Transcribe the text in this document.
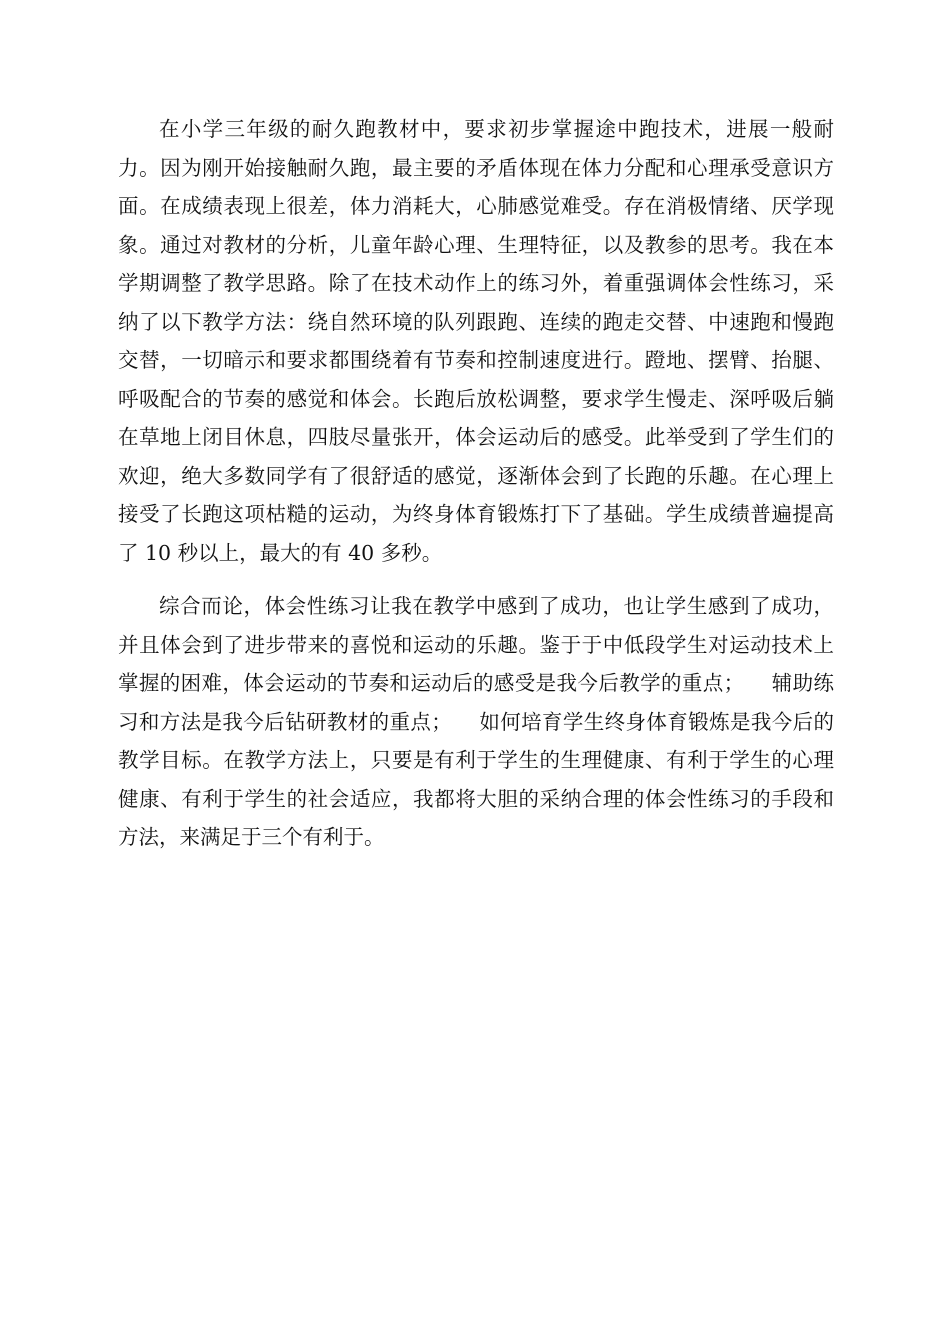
在小学三年级的耐久跑教材中，要求初步掌握途中跑技术，进展一般耐力。因为刚开始接触耐久跑，最主要的矛盾体现在体力分配和心理承受意识方面。在成绩表现上很差，体力消耗大，心肺感觉难受。存在消极情绪、厌学现象。通过对教材的分析，儿童年龄心理、生理特征，以及教参的思考。我在本学期调整了教学思路。除了在技术动作上的练习外，着重强调体会性练习，采纳了以下教学方法：绕自然环境的队列跟跑、连续的跑走交替、中速跑和慢跑交替，一切暗示和要求都围绕着有节奏和控制速度进行。蹬地、摆臂、抬腿、呼吸配合的节奏的感觉和体会。长跑后放松调整，要求学生慢走、深呼吸后躺在草地上闭目休息，四肢尽量张开，体会运动后的感受。此举受到了学生们的欢迎，绝大多数同学有了很舒适的感觉，逐渐体会到了长跑的乐趣。在心理上接受了长跑这项枯糙的运动，为终身体育锻炼打下了基础。学生成绩普遍提高了 10 秒以上，最大的有 40 多秒。

综合而论，体会性练习让我在教学中感到了成功，也让学生感到了成功，并且体会到了进步带来的喜悦和运动的乐趣。鉴于于中低段学生对运动技术上掌握的困难，体会运动的节奏和运动后的感受是我今后教学的重点；    辅助练习和方法是我今后钻研教材的重点；    如何培育学生终身体育锻炼是我今后的教学目标。在教学方法上，只要是有利于学生的生理健康、有利于学生的心理健康、有利于学生的社会适应，我都将大胆的采纳合理的体会性练习的手段和方法，来满足于三个有利于。
